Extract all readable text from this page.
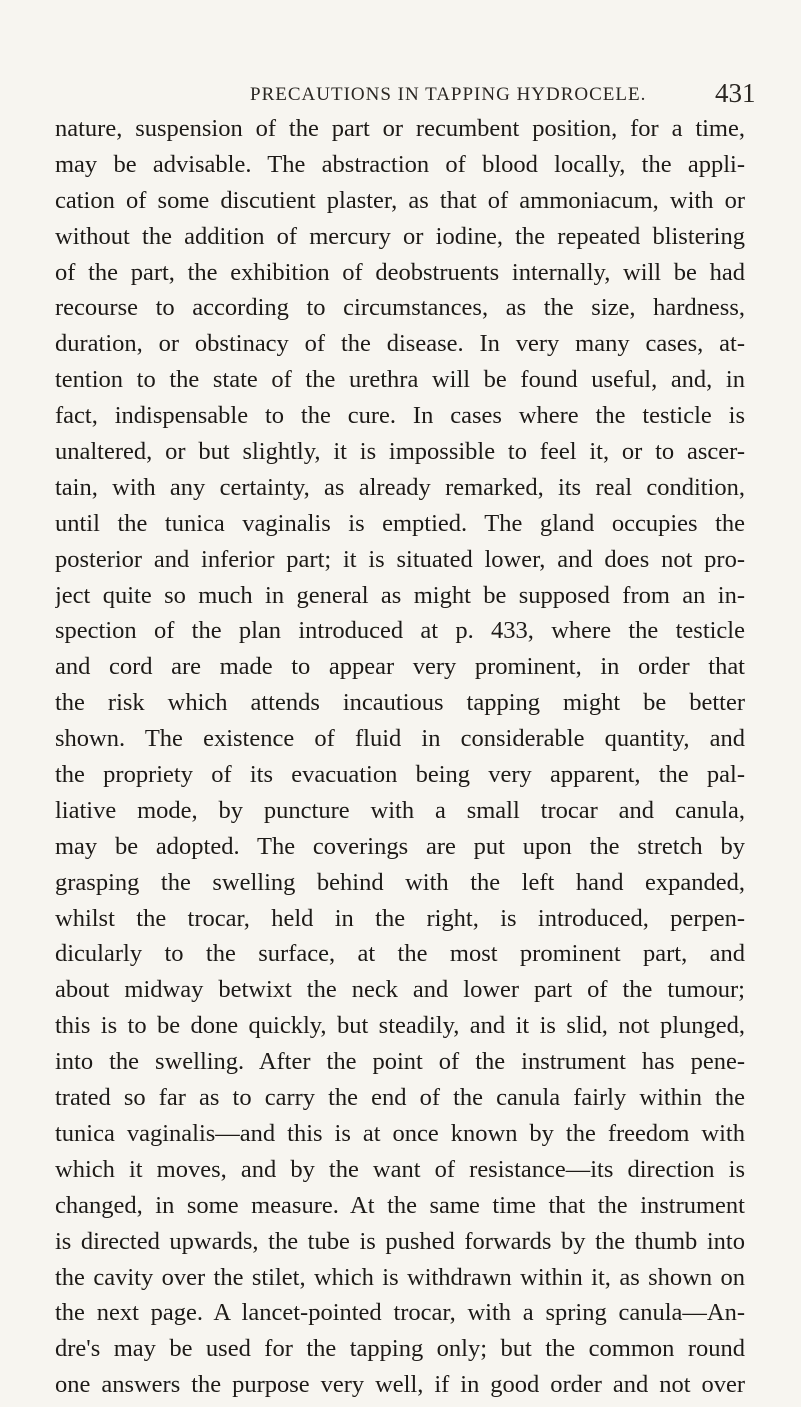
PRECAUTIONS IN TAPPING HYDROCELE.	431
nature, suspension of the part or recumbent position, for a time,
may be advisable. The abstraction of blood locally, the appli-
cation of some discutient plaster, as that of ammoniacum, with or
without the addition of mercury or iodine, the repeated blistering
of the part, the exhibition of deobstruents internally, will be had
recourse to according to circumstances, as the size, hardness,
duration, or obstinacy of the disease. In very many cases, at-
tention to the state of the urethra will be found useful, and, in
fact, indispensable to the cure. In cases where the testicle is
unaltered, or but slightly, it is impossible to feel it, or to ascer-
tain, with any certainty, as already remarked, its real condition,
until the tunica vaginalis is emptied. The gland occupies the
posterior and inferior part; it is situated lower, and does not pro-
ject quite so much in general as might be supposed from an in-
spection of the plan introduced at p. 433, where the testicle
and cord are made to appear very prominent, in order that
the risk which attends incautious tapping might be better
shown. The existence of fluid in considerable quantity, and
the propriety of its evacuation being very apparent, the pal-
liative mode, by puncture with a small trocar and canula,
may be adopted. The coverings are put upon the stretch by
grasping the swelling behind with the left hand expanded,
whilst the trocar, held in the right, is introduced, perpen-
dicularly to the surface, at the most prominent part, and
about midway betwixt the neck and lower part of the tumour;
this is to be done quickly, but steadily, and it is slid, not plunged,
into the swelling. After the point of the instrument has pene-
trated so far as to carry the end of the canula fairly within the
tunica vaginalis—and this is at once known by the freedom with
which it moves, and by the want of resistance—its direction is
changed, in some measure. At the same time that the instrument
is directed upwards, the tube is pushed forwards by the thumb into
the cavity over the stilet, which is withdrawn within it, as shown on
the next page. A lancet-pointed trocar, with a spring canula—An-
dre's may be used for the tapping only; but the common round
one answers the purpose very well, if in good order and not over
